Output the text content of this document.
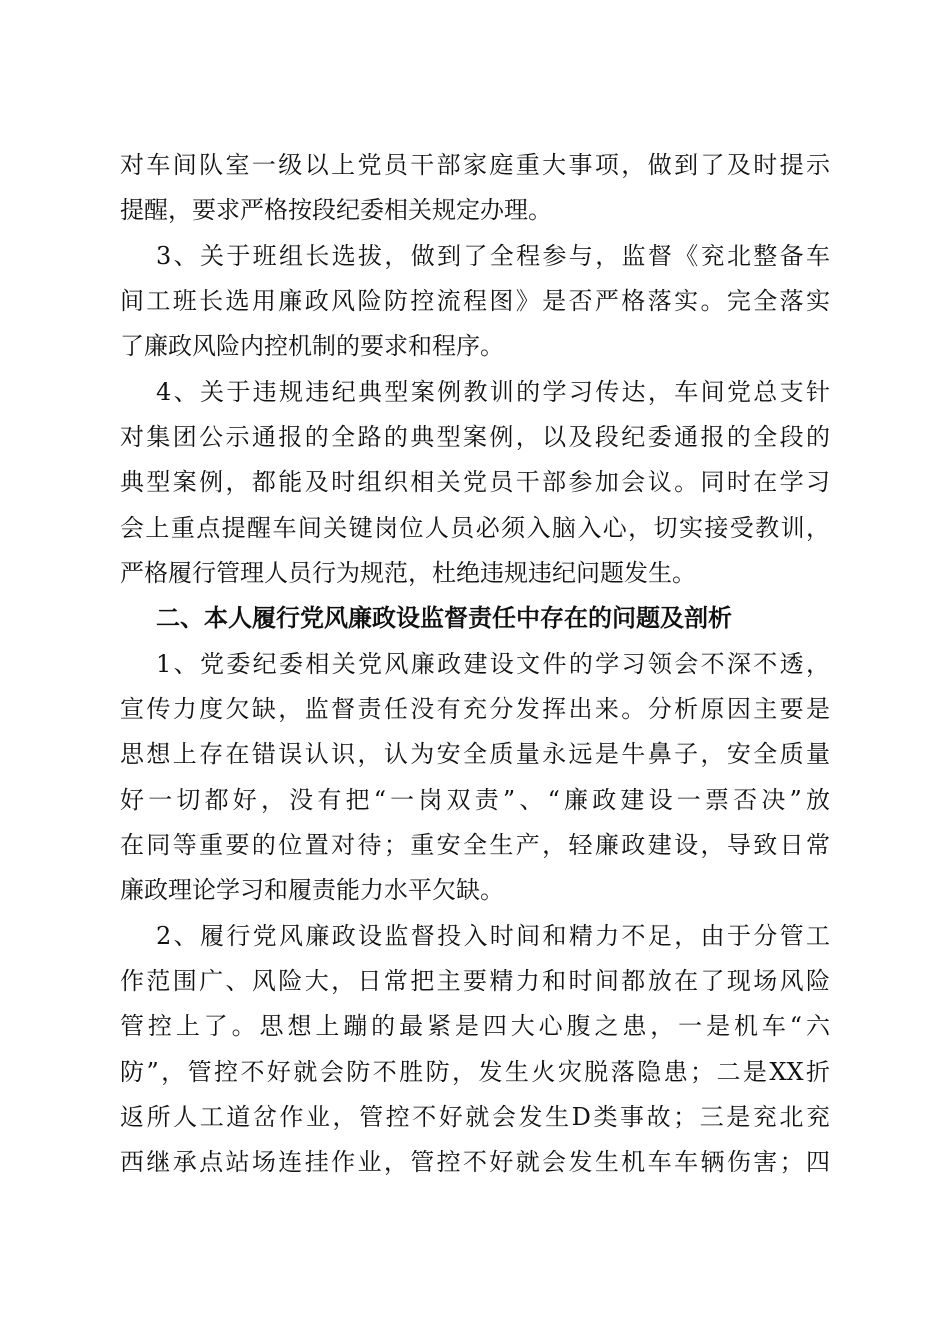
对车间队室一级以上党员干部家庭重大事项，做到了及时提示

提醒，要求严格按段纪委相关规定办理。

3、关于班组长选拔，做到了全程参与，监督《兖北整备车

间工班长选用廉政风险防控流程图》是否严格落实。完全落实

了廉政风险内控机制的要求和程序。

4、关于违规违纪典型案例教训的学习传达，车间党总支针

对集团公示通报的全路的典型案例，以及段纪委通报的全段的

典型案例，都能及时组织相关党员干部参加会议。同时在学习

会上重点提醒车间关键岗位人员必须入脑入心，切实接受教训，

严格履行管理人员行为规范，杜绝违规违纪问题发生。

二、本人履行党风廉政设监督责任中存在的问题及剖析

1、党委纪委相关党风廉政建设文件的学习领会不深不透，

宣传力度欠缺，监督责任没有充分发挥出来。分析原因主要是

思想上存在错误认识，认为安全质量永远是牛鼻子，安全质量

好一切都好，没有把“一岗双责”、“廉政建设一票否决”放

在同等重要的位置对待；重安全生产，轻廉政建设，导致日常

廉政理论学习和履责能力水平欠缺。

2、履行党风廉政设监督投入时间和精力不足，由于分管工

作范围广、风险大，日常把主要精力和时间都放在了现场风险

管控上了。思想上蹦的最紧是四大心腹之患，一是机车“六

防”，管控不好就会防不胜防，发生火灾脱落隐患；二是XX折

返所人工道岔作业，管控不好就会发生D类事故；三是兖北兖

西继承点站场连挂作业，管控不好就会发生机车车辆伤害；四
